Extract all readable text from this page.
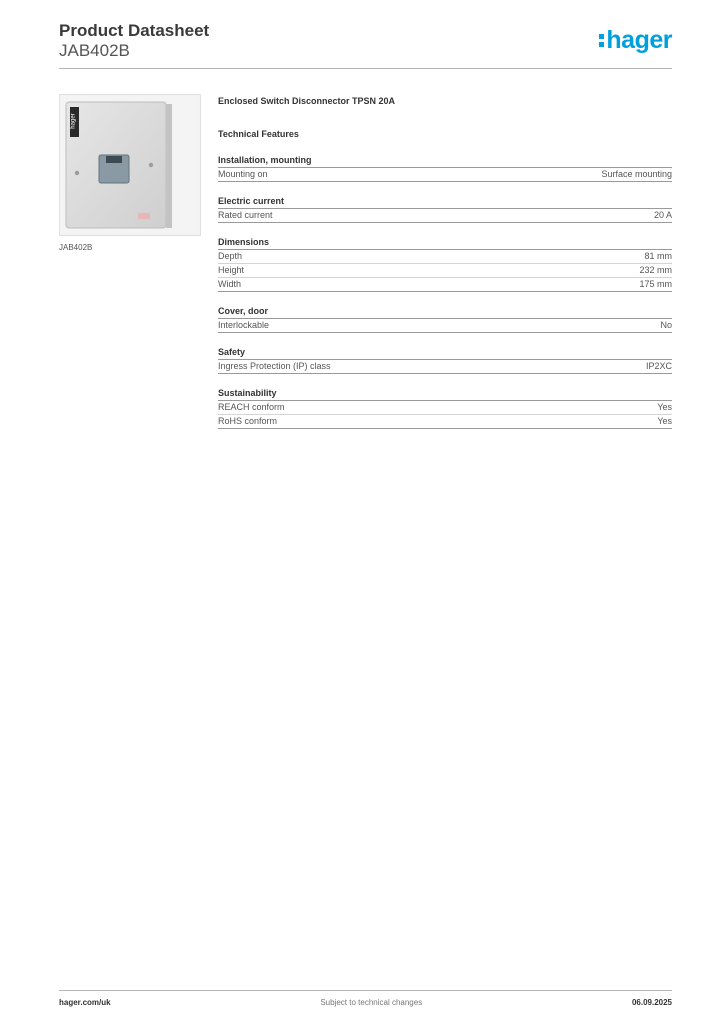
Product Datasheet
JAB402B	hager
hager
JAB402B
Enclosed Switch Disconnector TPSN 20A
Technical Features
Installation, mounting
Mounting on	Surface mounting
Electric current
Rated current	20 A
Dimensions
Depth	81 mm
Height	232 mm
Width	175 mm
Cover, door
Interlockable	No
Safety
Ingress Protection (IP) class	IP2XC
Sustainability
REACH conform	Yes
RoHS conform	Yes
hager.com/uk	Subject to technical changes	06.09.2025
